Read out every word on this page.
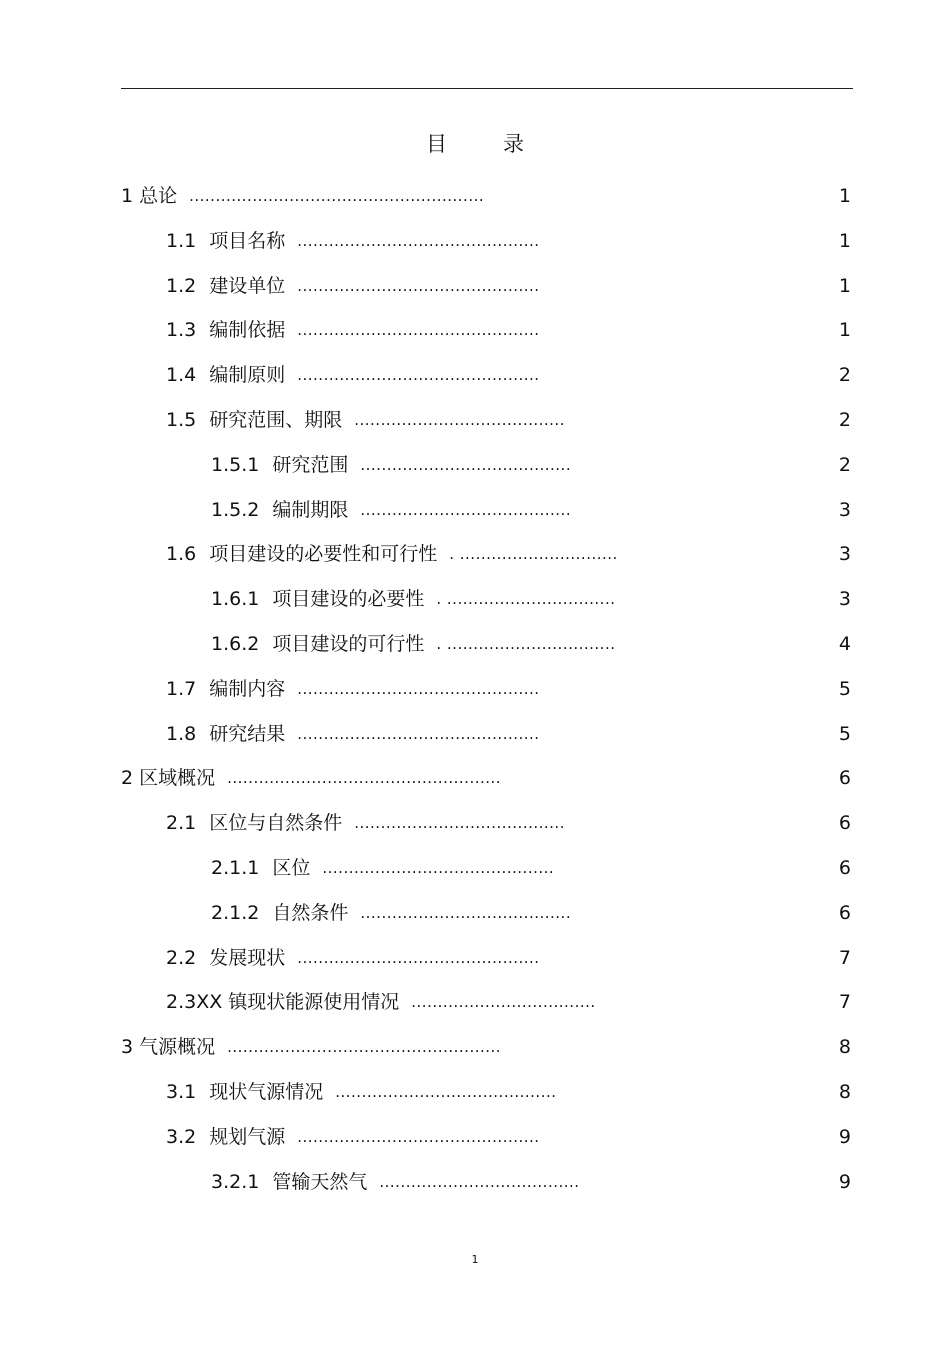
目	录
1 总论 ........................................................	1
1.1 项目名称 ..............................................	1
1.2 建设单位 ..............................................	1
1.3 编制依据 ..............................................	1
1.4 编制原则 ..............................................	2
1.5 研究范围、期限 ........................................	2
1.5.1 研究范围 ........................................	2
1.5.2 编制期限 ........................................	3
1.6 项目建设的必要性和可行性 . ..............................	3
1.6.1 项目建设的必要性 . ................................	3
1.6.2 项目建设的可行性 . ................................	4
1.7 编制内容 ..............................................	5
1.8 研究结果 ..............................................	5
2 区域概况 ....................................................	6
2.1 区位与自然条件 ........................................	6
2.1.1 区位 ............................................	6
2.1.2 自然条件 ........................................	6
2.2 发展现状 ..............................................	7
2.3XX 镇现状能源使用情况 ...................................	7
3 气源概况 ....................................................	8
3.1 现状气源情况 ..........................................	8
3.2 规划气源 ..............................................	9
3.2.1 管输天然气 ......................................	9
1
